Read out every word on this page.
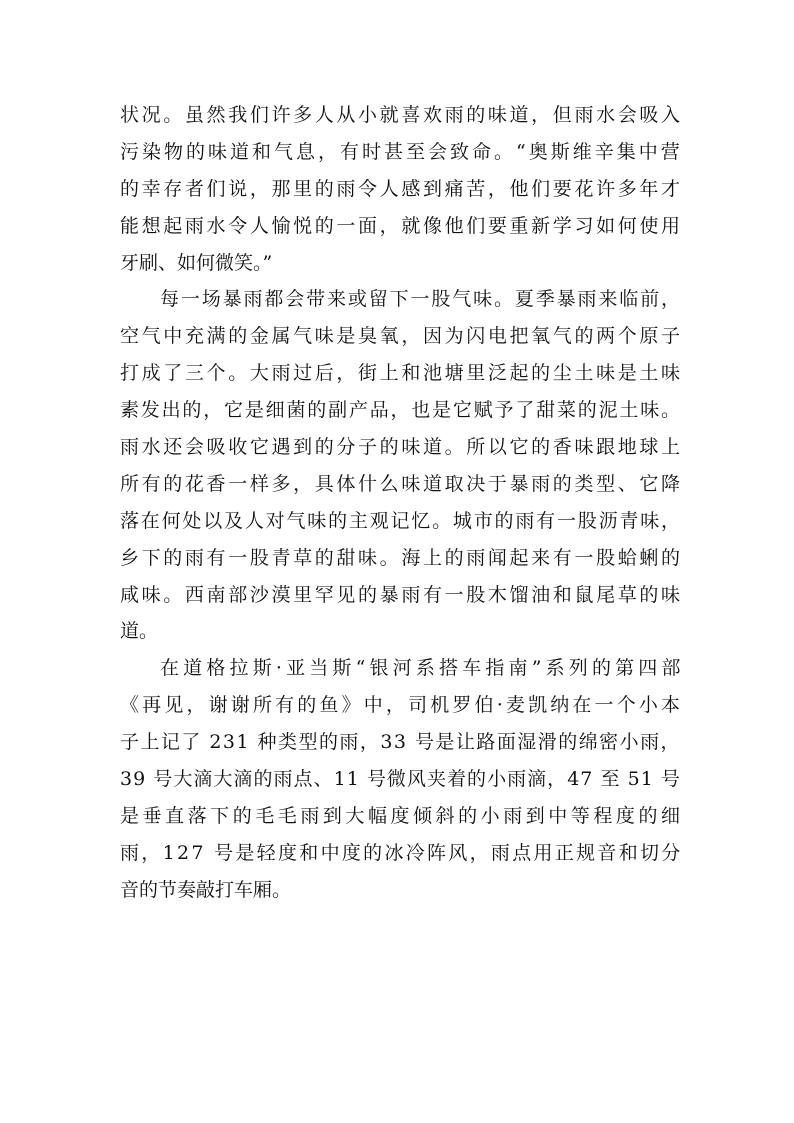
状况。虽然我们许多人从小就喜欢雨的味道，但雨水会吸入
污染物的味道和气息，有时甚至会致命。“奥斯维辛集中营
的幸存者们说，那里的雨令人感到痛苦，他们要花许多年才
能想起雨水令人愉悦的一面，就像他们要重新学习如何使用
牙刷、如何微笑。”
每一场暴雨都会带来或留下一股气味。夏季暴雨来临前，
空气中充满的金属气味是臭氧，因为闪电把氧气的两个原子
打成了三个。大雨过后，街上和池塘里泛起的尘土味是土味
素发出的，它是细菌的副产品，也是它赋予了甜菜的泥土味。
雨水还会吸收它遇到的分子的味道。所以它的香味跟地球上
所有的花香一样多，具体什么味道取决于暴雨的类型、它降
落在何处以及人对气味的主观记忆。城市的雨有一股沥青味，
乡下的雨有一股青草的甜味。海上的雨闻起来有一股蛤蜊的
咸味。西南部沙漠里罕见的暴雨有一股木馏油和鼠尾草的味
道。
在道格拉斯·亚当斯“银河系搭车指南”系列的第四部
《再见，谢谢所有的鱼》中，司机罗伯·麦凯纳在一个小本
子上记了 231 种类型的雨，33 号是让路面湿滑的绵密小雨，
39 号大滴大滴的雨点、11 号微风夹着的小雨滴，47 至 51 号
是垂直落下的毛毛雨到大幅度倾斜的小雨到中等程度的细
雨，127 号是轻度和中度的冰冷阵风，雨点用正规音和切分
音的节奏敲打车厢。
